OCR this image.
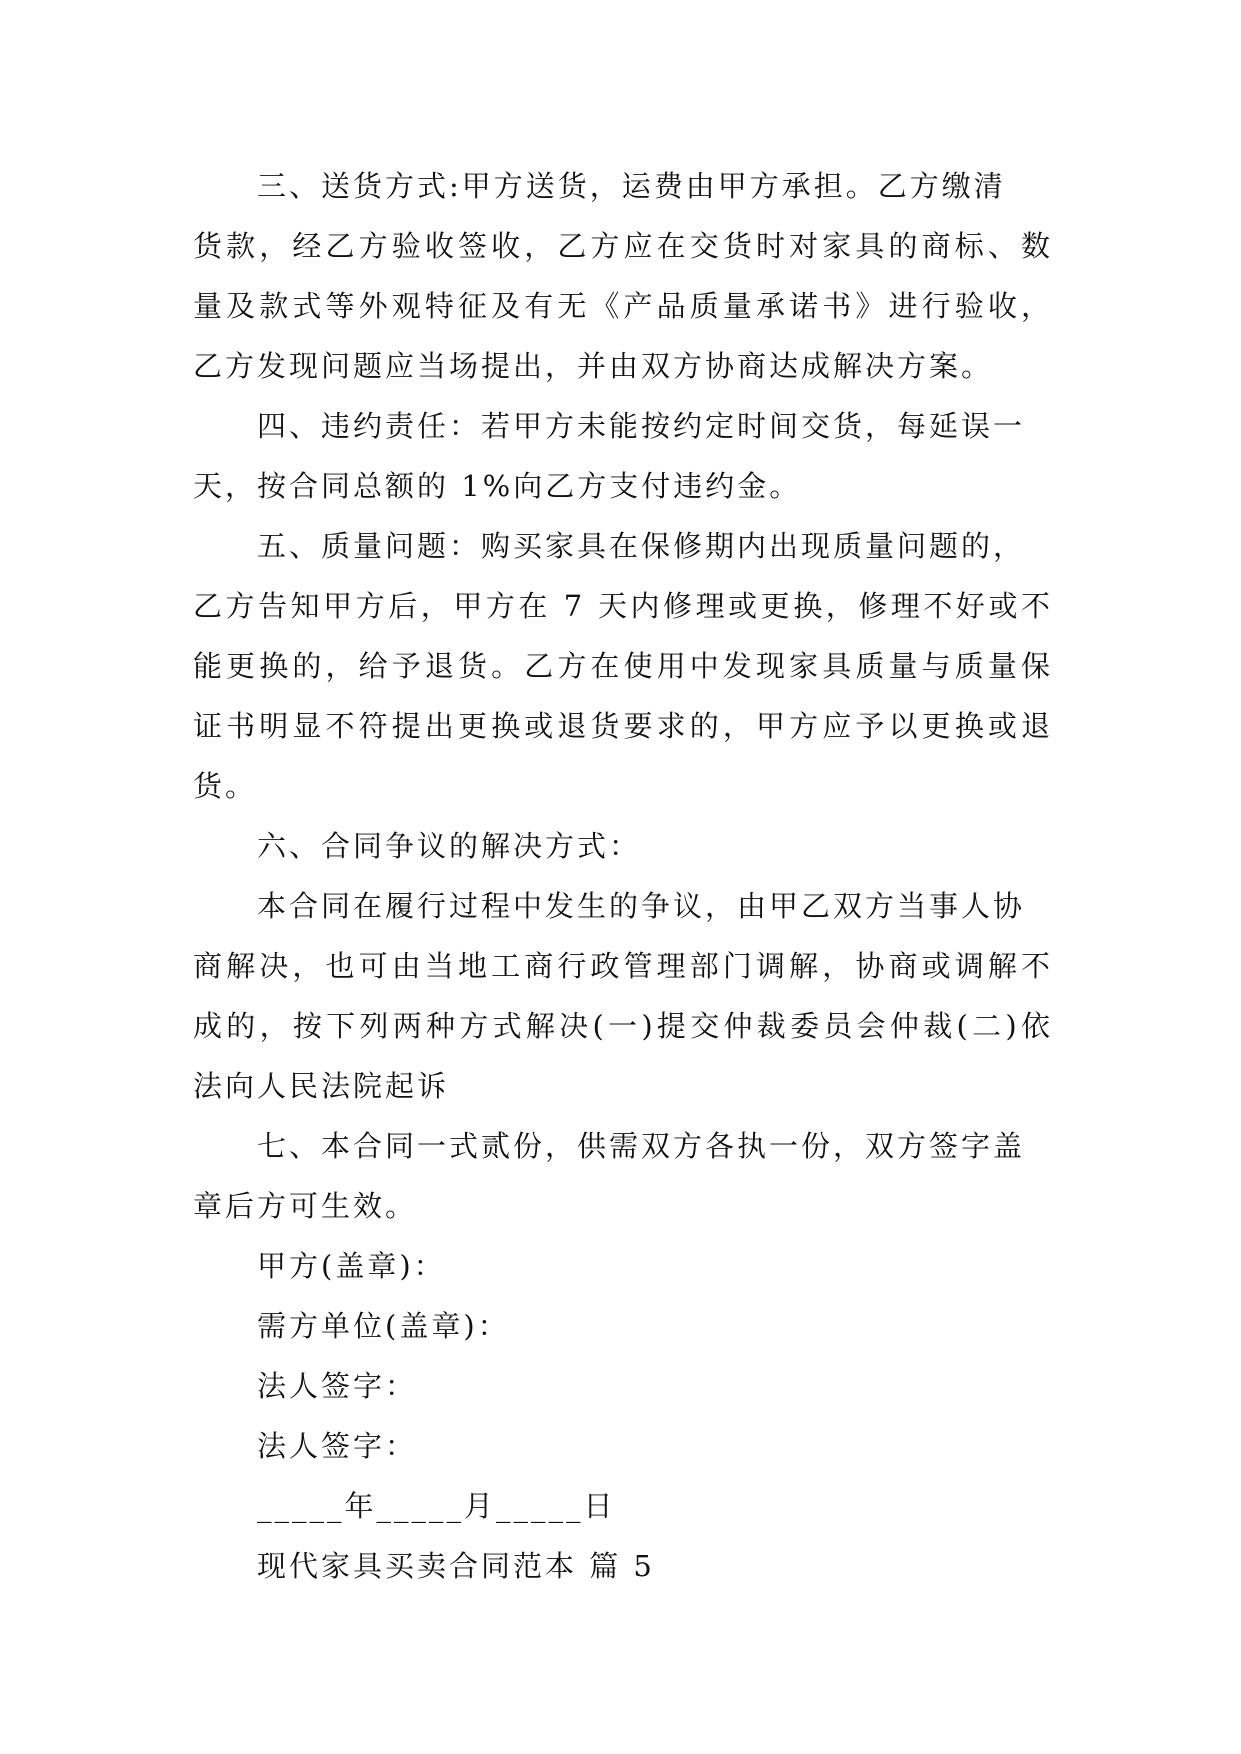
三、送货方式:甲方送货，运费由甲方承担。乙方缴清
货款，经乙方验收签收，乙方应在交货时对家具的商标、数
量及款式等外观特征及有无《产品质量承诺书》进行验收，
乙方发现问题应当场提出，并由双方协商达成解决方案。
四、违约责任：若甲方未能按约定时间交货，每延误一
天，按合同总额的 1%向乙方支付违约金。
五、质量问题：购买家具在保修期内出现质量问题的，
乙方告知甲方后，甲方在 7 天内修理或更换，修理不好或不
能更换的，给予退货。乙方在使用中发现家具质量与质量保
证书明显不符提出更换或退货要求的，甲方应予以更换或退
货。
六、合同争议的解决方式：
本合同在履行过程中发生的争议，由甲乙双方当事人协
商解决，也可由当地工商行政管理部门调解，协商或调解不
成的，按下列两种方式解决(一)提交仲裁委员会仲裁(二)依
法向人民法院起诉
七、本合同一式贰份，供需双方各执一份，双方签字盖
章后方可生效。
甲方(盖章)：
需方单位(盖章)：
法人签字：
法人签字：
_____年_____月_____日
现代家具买卖合同范本 篇 5
